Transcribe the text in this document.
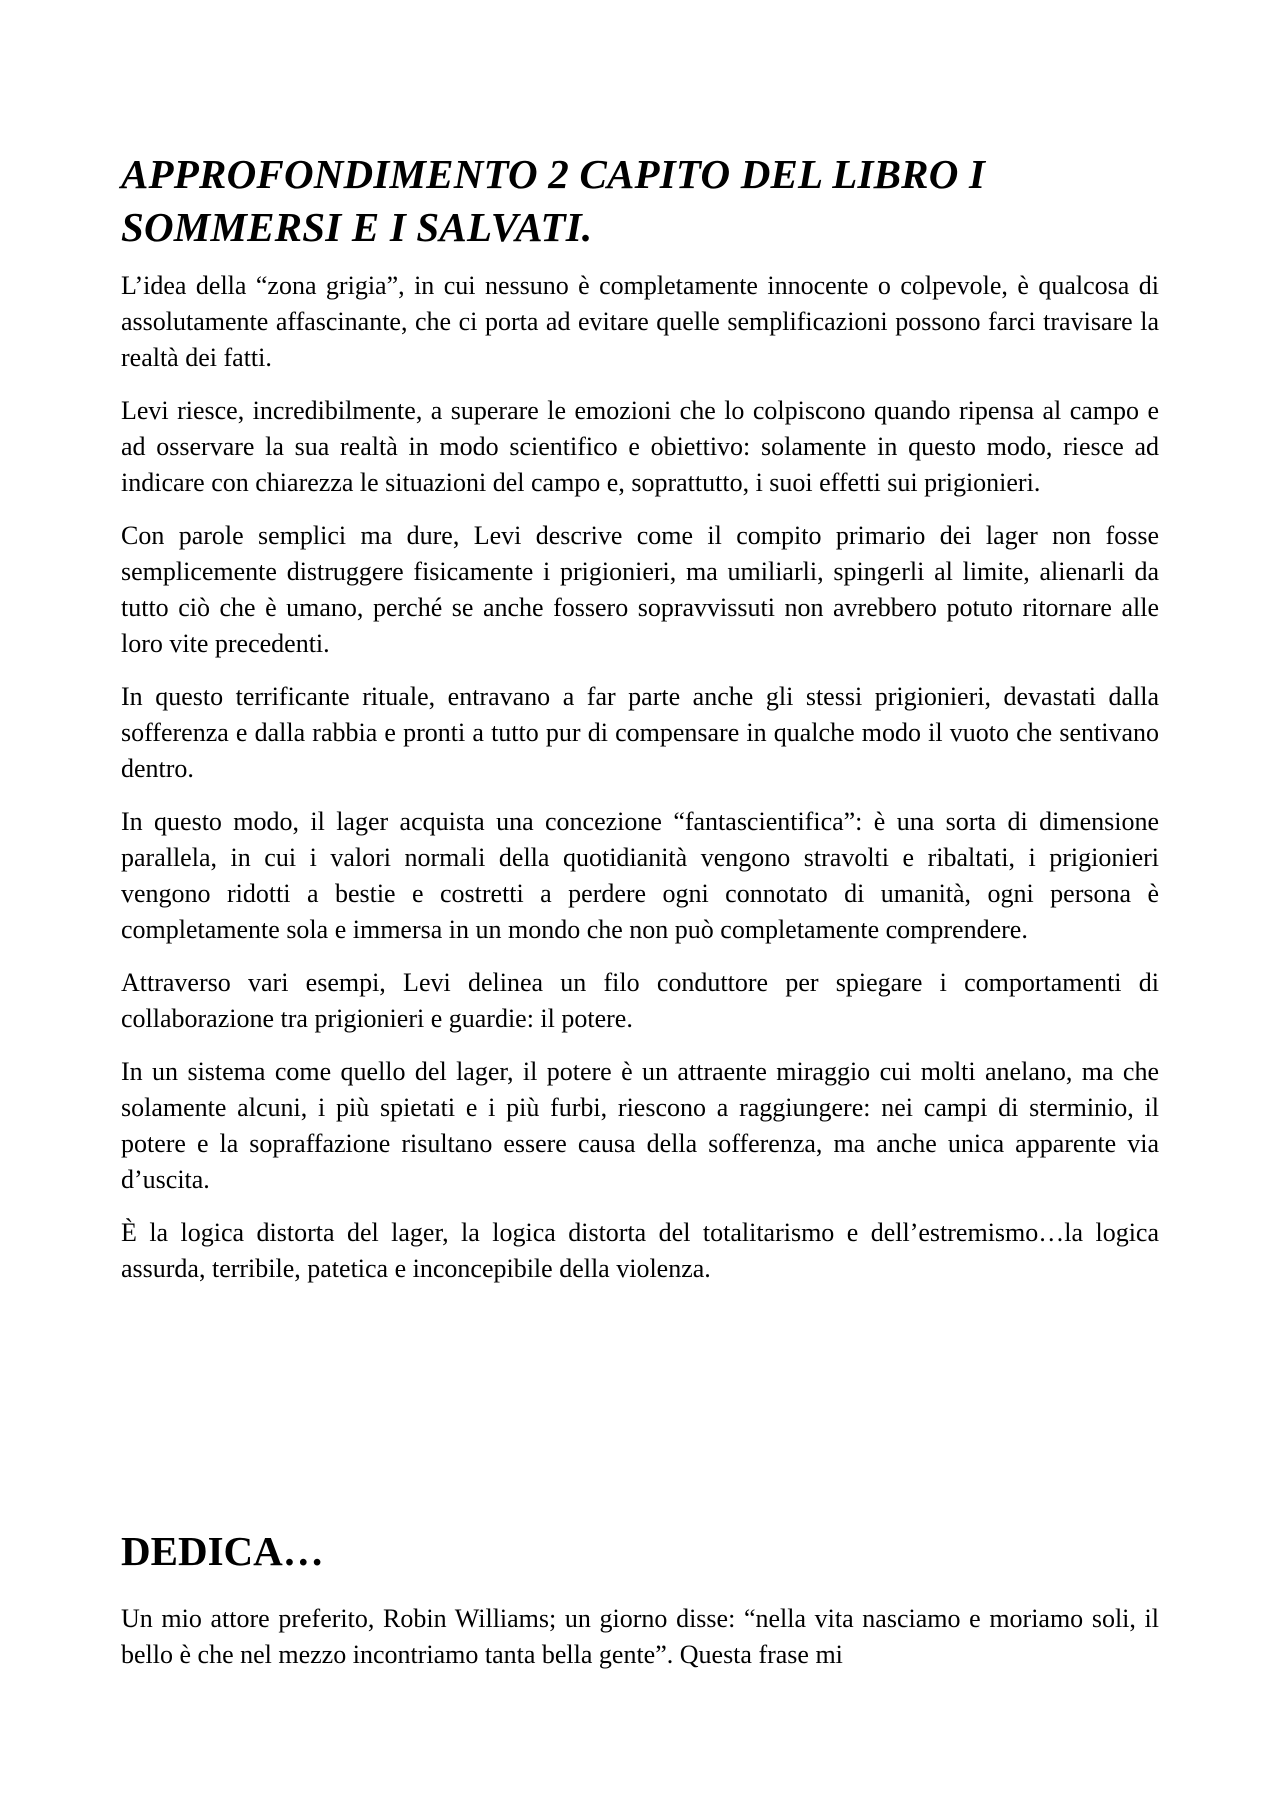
APPROFONDIMENTO 2 CAPITO DEL LIBRO I SOMMERSI E I SALVATI.

L’idea della “zona grigia”, in cui nessuno è completamente innocente o colpevole, è qualcosa di assolutamente affascinante, che ci porta ad evitare quelle semplificazioni possono farci travisare la realtà dei fatti.

Levi riesce, incredibilmente, a superare le emozioni che lo colpiscono quando ripensa al campo e ad osservare la sua realtà in modo scientifico e obiettivo: solamente in questo modo, riesce ad indicare con chiarezza le situazioni del campo e, soprattutto, i suoi effetti sui prigionieri.

Con parole semplici ma dure, Levi descrive come il compito primario dei lager non fosse semplicemente distruggere fisicamente i prigionieri, ma umiliarli, spingerli al limite, alienarli da tutto ciò che è umano, perché se anche fossero sopravvissuti non avrebbero potuto ritornare alle loro vite precedenti.

In questo terrificante rituale, entravano a far parte anche gli stessi prigionieri, devastati dalla sofferenza e dalla rabbia e pronti a tutto pur di compensare in qualche modo il vuoto che sentivano dentro.

In questo modo, il lager acquista una concezione “fantascientifica”: è una sorta di dimensione parallela, in cui i valori normali della quotidianità vengono stravolti e ribaltati, i prigionieri vengono ridotti a bestie e costretti a perdere ogni connotato di umanità, ogni persona è completamente sola e immersa in un mondo che non può completamente comprendere.

Attraverso vari esempi, Levi delinea un filo conduttore per spiegare i comportamenti di collaborazione tra prigionieri e guardie: il potere.

In un sistema come quello del lager, il potere è un attraente miraggio cui molti anelano, ma che solamente alcuni, i più spietati e i più furbi, riescono a raggiungere: nei campi di sterminio, il potere e la sopraffazione risultano essere causa della sofferenza, ma anche unica apparente via d’uscita.

È la logica distorta del lager, la logica distorta del totalitarismo e dell’estremismo…la logica assurda, terribile, patetica e inconcepibile della violenza.

DEDICA…

Un mio attore preferito, Robin Williams; un giorno disse: “nella vita nasciamo e moriamo soli, il bello è che nel mezzo incontriamo tanta bella gente”. Questa frase mi
